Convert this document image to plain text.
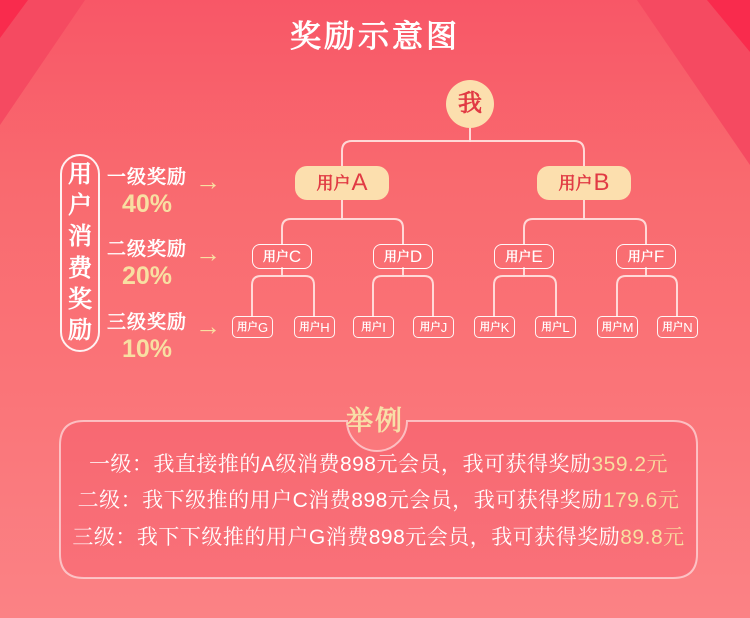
奖励示意图
用
户
消
费
奖
励
一级奖励
40%
二级奖励
20%
三级奖励
10%
→
→
→
我
用户 A	用户 B
用户 C	用户 D	用户 E	用户 F
用户 G	用户 H	用户 I	用户 J	用户 K	用户 L	用户 M	用户 N
举例
一级：我直接推的A级消费898元会员，我可获得奖励359.2元
二级：我下级推的用户C消费898元会员，我可获得奖励179.6元
三级：我下下级推的用户G消费898元会员，我可获得奖励89.8元
